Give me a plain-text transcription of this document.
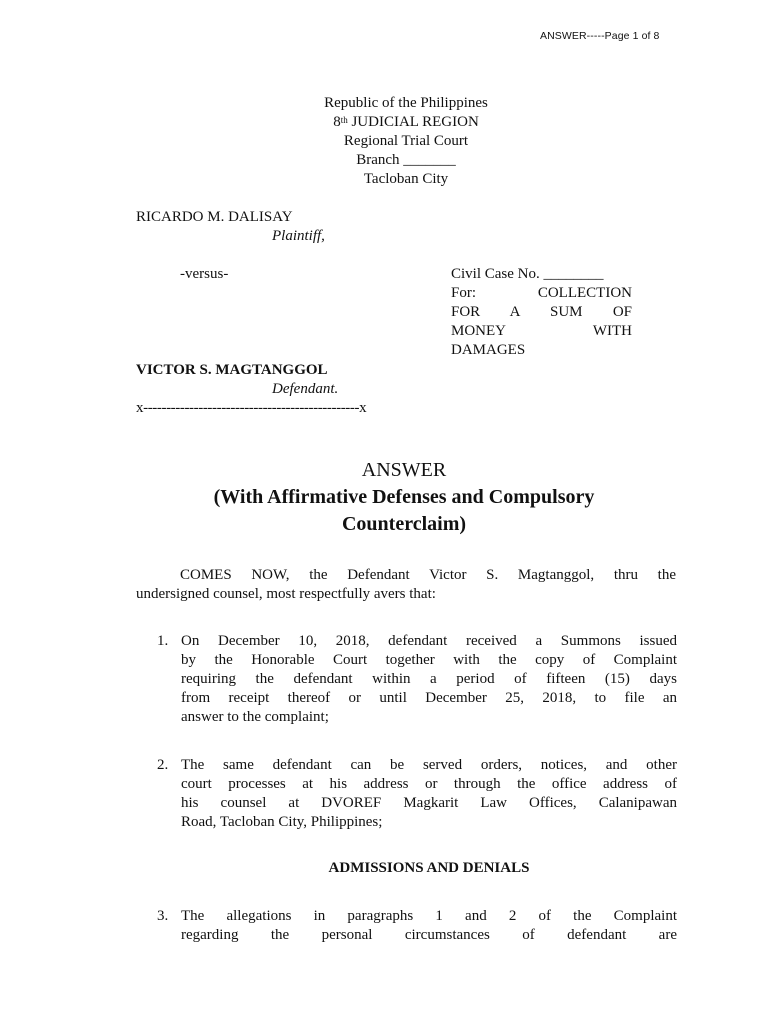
ANSWER-----Page 1 of 8
Republic of the Philippines
8th JUDICIAL REGION
Regional Trial Court
Branch _______
Tacloban City
RICARDO M. DALISAY
Plaintiff,
-versus-	Civil Case No. ________
For: COLLECTION
FOR A SUM OF
MONEY WITH
DAMAGES
VICTOR S. MAGTANGGOL
Defendant.
x-----------------------------------------------x
ANSWER
(With Affirmative Defenses and Compulsory
Counterclaim)
COMES NOW, the Defendant Victor S. Magtanggol, thru the
undersigned counsel, most respectfully avers that:
1. On December 10, 2018, defendant received a Summons issued
by the Honorable Court together with the copy of Complaint
requiring the defendant within a period of fifteen (15) days
from receipt thereof or until December 25, 2018, to file an
answer to the complaint;
2. The same defendant can be served orders, notices, and other
court processes at his address or through the office address of
his counsel at DVOREF Magkarit Law Offices, Calanipawan
Road, Tacloban City, Philippines;
ADMISSIONS AND DENIALS
3. The allegations in paragraphs 1 and 2 of the Complaint
regarding the personal circumstances of defendant are
